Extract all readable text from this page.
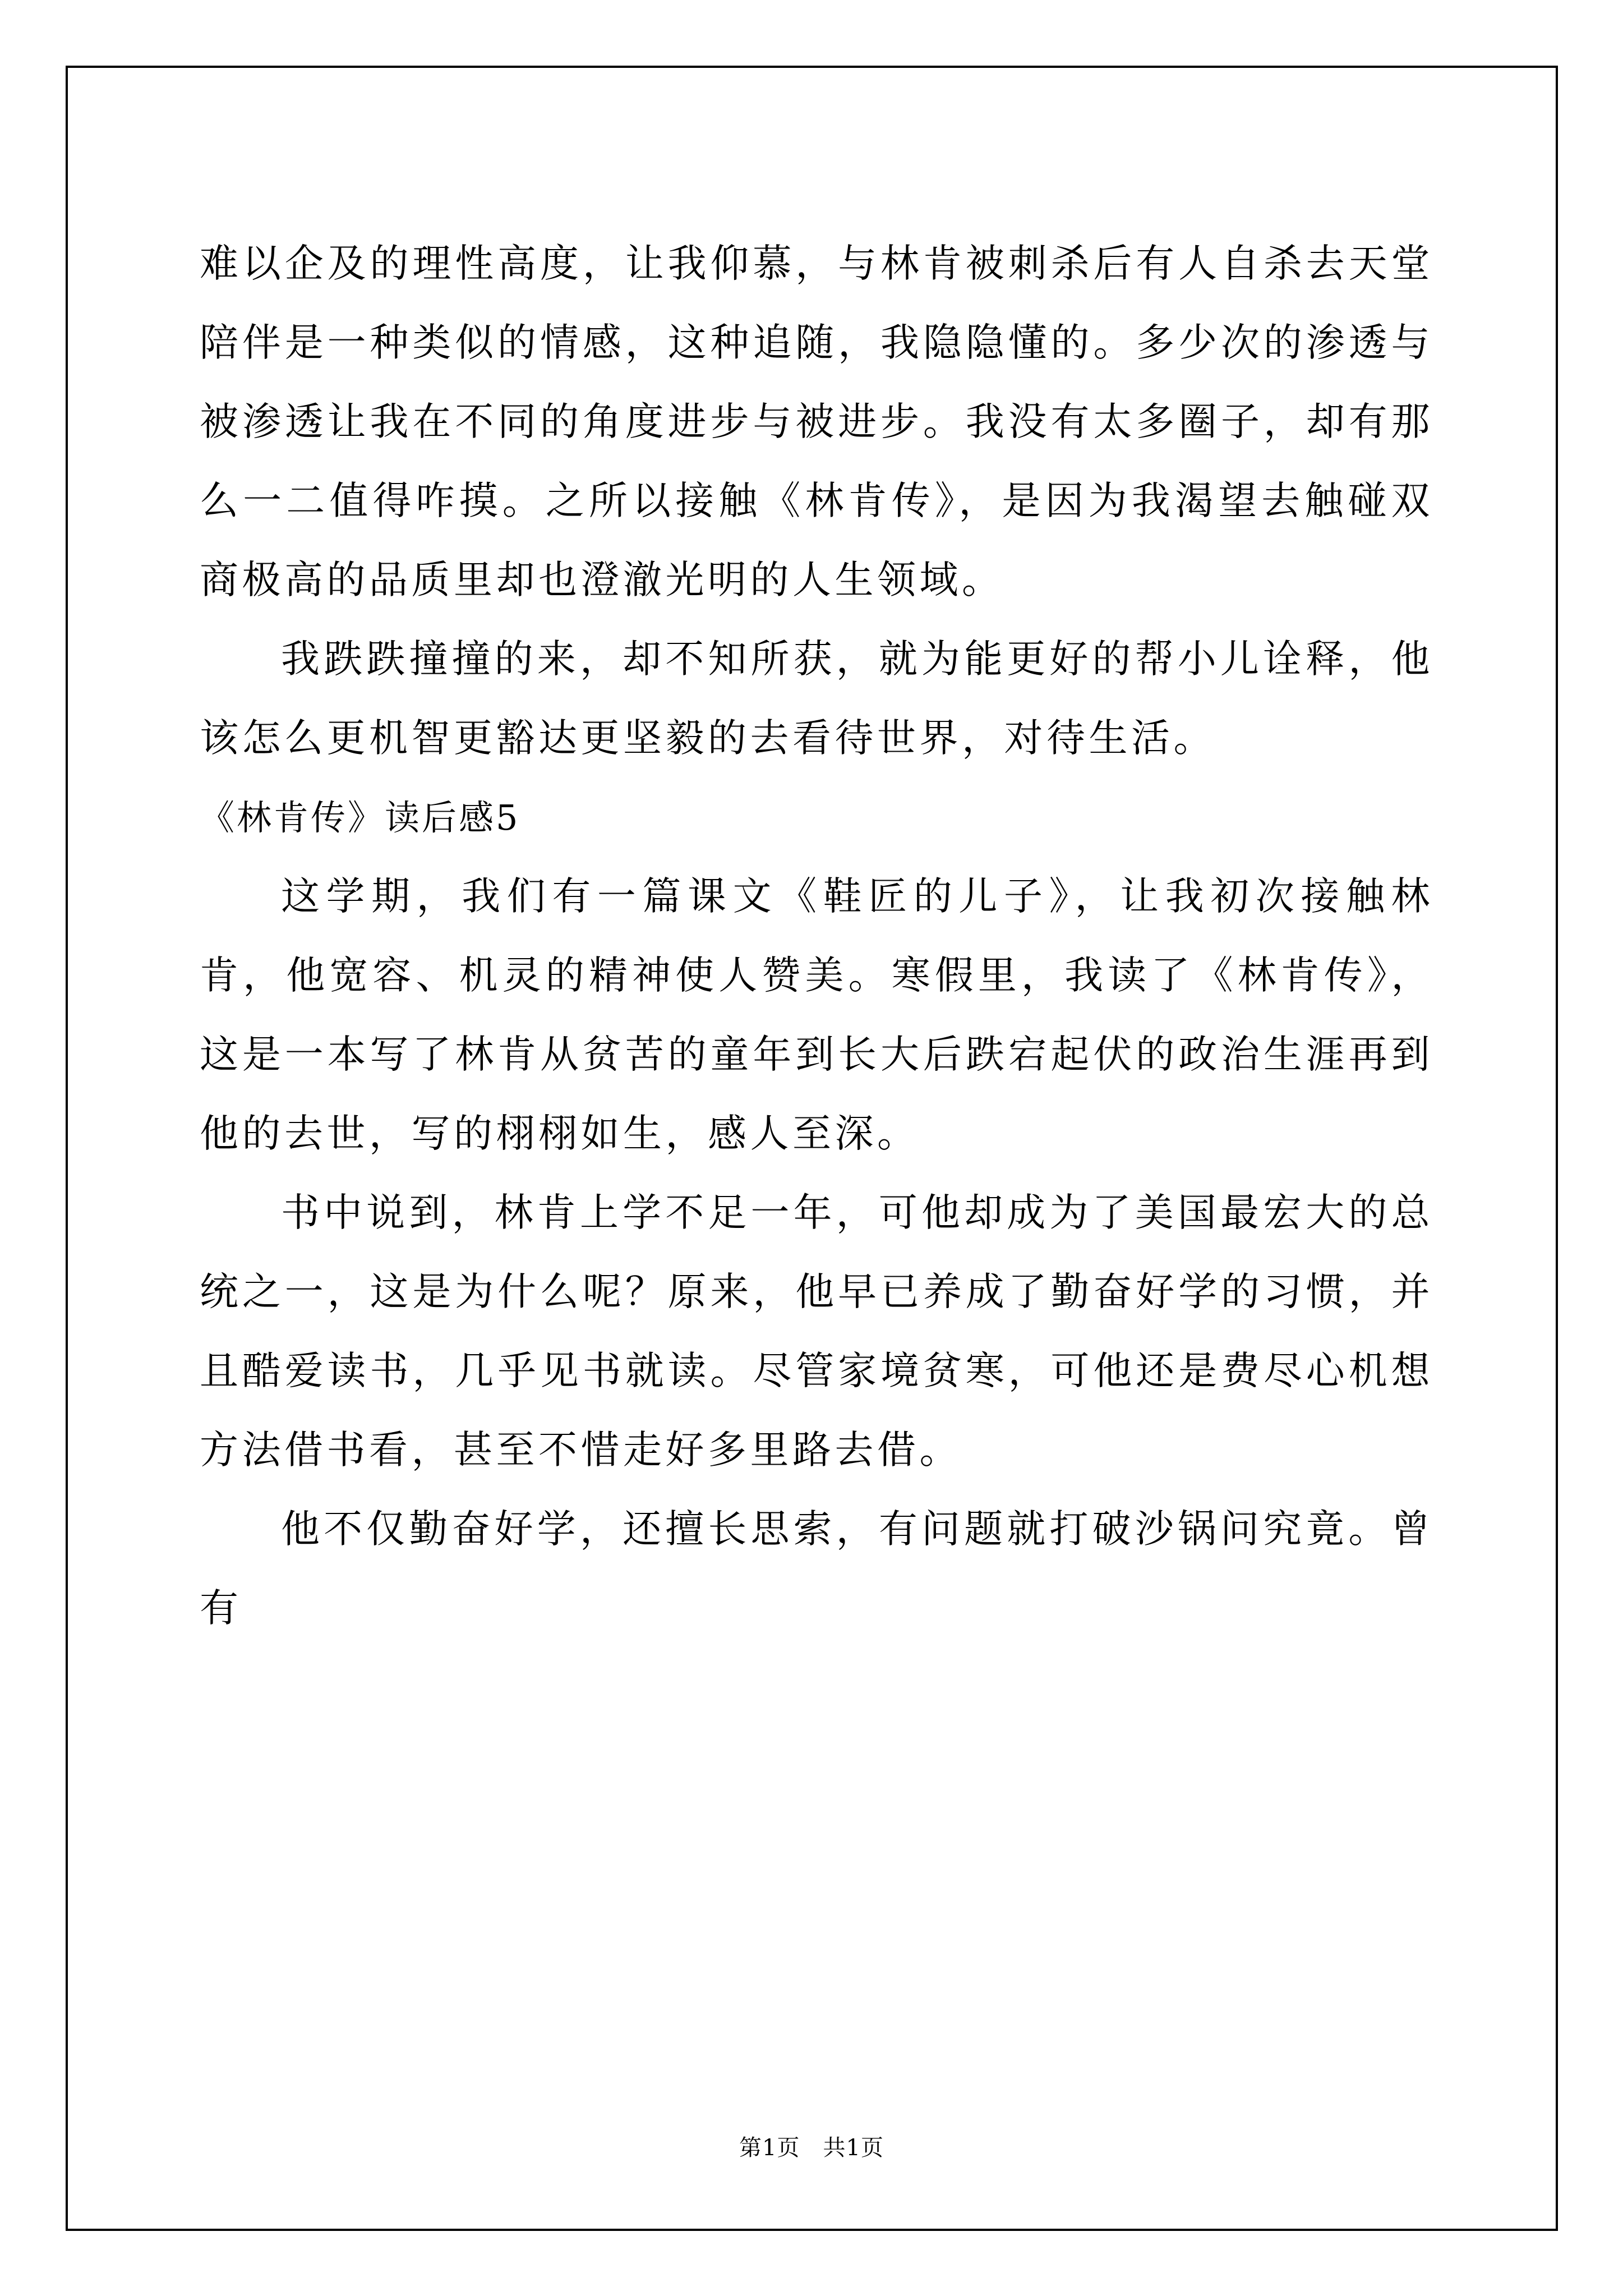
难以企及的理性高度，让我仰慕，与林肯被刺杀后有人自杀去天堂陪伴是一种类似的情感，这种追随，我隐隐懂的。多少次的渗透与被渗透让我在不同的角度进步与被进步。我没有太多圈子，却有那么一二值得咋摸。之所以接触《林肯传》，是因为我渴望去触碰双商极高的品质里却也澄澈光明的人生领域。

我跌跌撞撞的来，却不知所获，就为能更好的帮小儿诠释，他该怎么更机智更豁达更坚毅的去看待世界，对待生活。

《林肯传》读后感5

这学期，我们有一篇课文《鞋匠的儿子》，让我初次接触林肯，他宽容、机灵的精神使人赞美。寒假里，我读了《林肯传》，这是一本写了林肯从贫苦的童年到长大后跌宕起伏的政治生涯再到他的去世，写的栩栩如生，感人至深。

书中说到，林肯上学不足一年，可他却成为了美国最宏大的总统之一，这是为什么呢？原来，他早已养成了勤奋好学的习惯，并且酷爱读书，几乎见书就读。尽管家境贫寒，可他还是费尽心机想方法借书看，甚至不惜走好多里路去借。

他不仅勤奋好学，还擅长思索，有问题就打破沙锅问究竟。曾有

第1页　共1页
